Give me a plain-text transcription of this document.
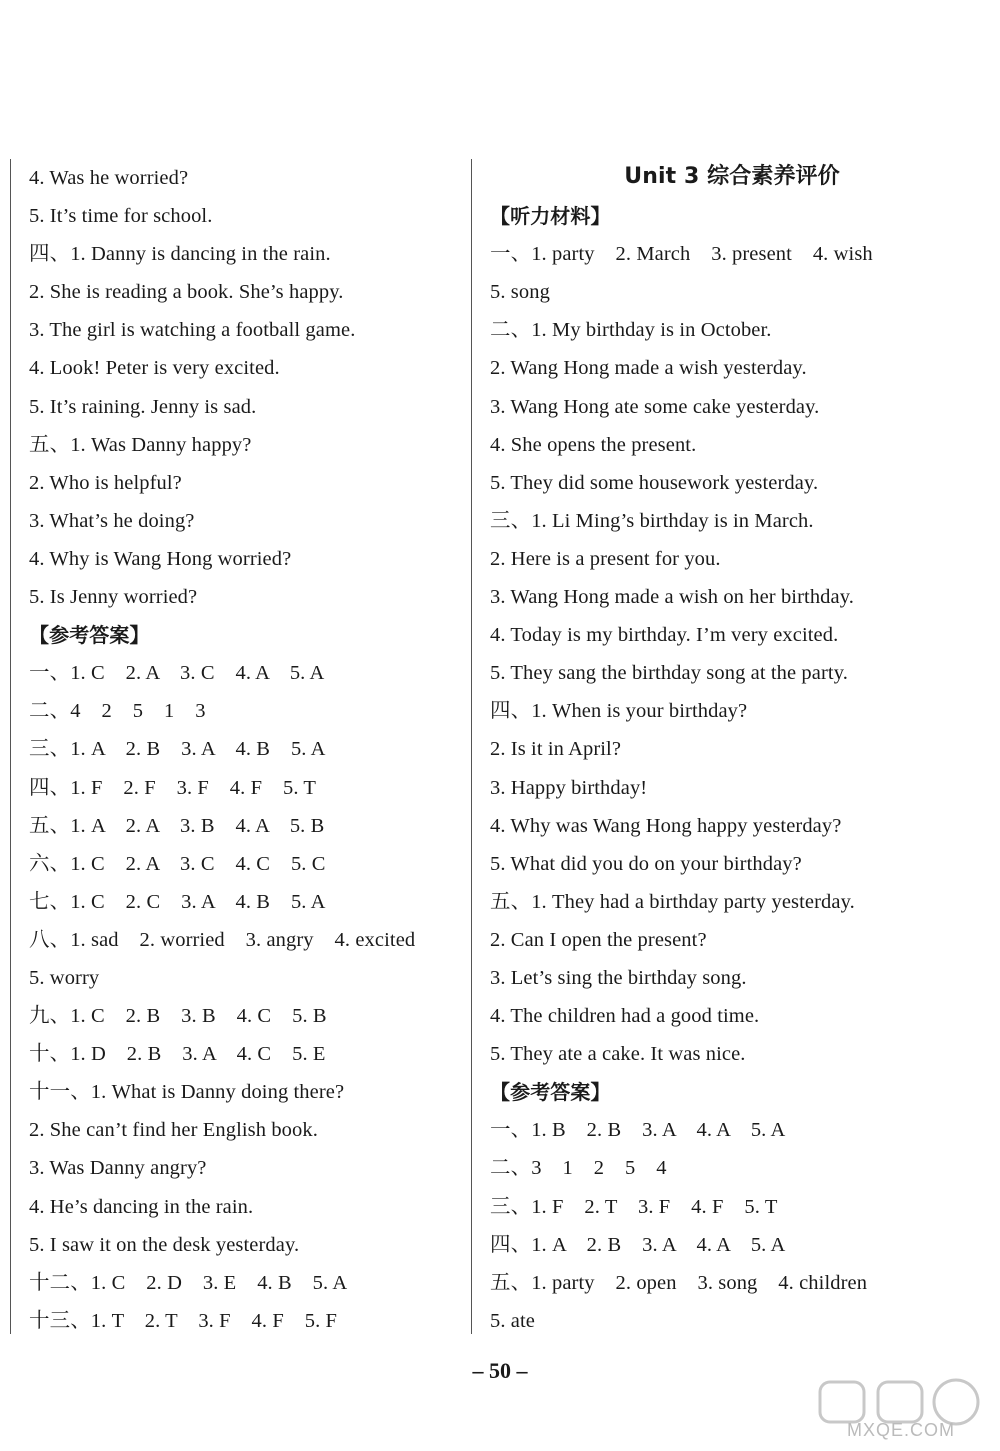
4. Was he worried?
5. It’s time for school.
四、1. Danny is dancing in the rain.
2. She is reading a book. She’s happy.
3. The girl is watching a football game.
4. Look! Peter is very excited.
5. It’s raining. Jenny is sad.
五、1. Was Danny happy?
2. Who is helpful?
3. What’s he doing?
4. Why is Wang Hong worried?
5. Is Jenny worried?
【参考答案】
一、1. C    2. A    3. C    4. A    5. A
二、4    2    5    1    3
三、1. A    2. B    3. A    4. B    5. A
四、1. F    2. F    3. F    4. F    5. T
五、1. A    2. A    3. B    4. A    5. B
六、1. C    2. A    3. C    4. C    5. C
七、1. C    2. C    3. A    4. B    5. A
八、1. sad    2. worried    3. angry    4. excited
5. worry
九、1. C    2. B    3. B    4. C    5. B
十、1. D    2. B    3. A    4. C    5. E
十一、1. What is Danny doing there?
2. She can’t find her English book.
3. Was Danny angry?
4. He’s dancing in the rain.
5. I saw it on the desk yesterday.
十二、1. C    2. D    3. E    4. B    5. A
十三、1. T    2. T    3. F    4. F    5. F
Unit 3 综合素养评价
【听力材料】
一、1. party    2. March    3. present    4. wish
5. song
二、1. My birthday is in October.
2. Wang Hong made a wish yesterday.
3. Wang Hong ate some cake yesterday.
4. She opens the present.
5. They did some housework yesterday.
三、1. Li Ming’s birthday is in March.
2. Here is a present for you.
3. Wang Hong made a wish on her birthday.
4. Today is my birthday. I’m very excited.
5. They sang the birthday song at the party.
四、1. When is your birthday?
2. Is it in April?
3. Happy birthday!
4. Why was Wang Hong happy yesterday?
5. What did you do on your birthday?
五、1. They had a birthday party yesterday.
2. Can I open the present?
3. Let’s sing the birthday song.
4. The children had a good time.
5. They ate a cake. It was nice.
【参考答案】
一、1. B    2. B    3. A    4. A    5. A
二、3    1    2    5    4
三、1. F    2. T    3. F    4. F    5. T
四、1. A    2. B    3. A    4. A    5. A
五、1. party    2. open    3. song    4. children
5. ate
– 50 –
MXQE.COM
